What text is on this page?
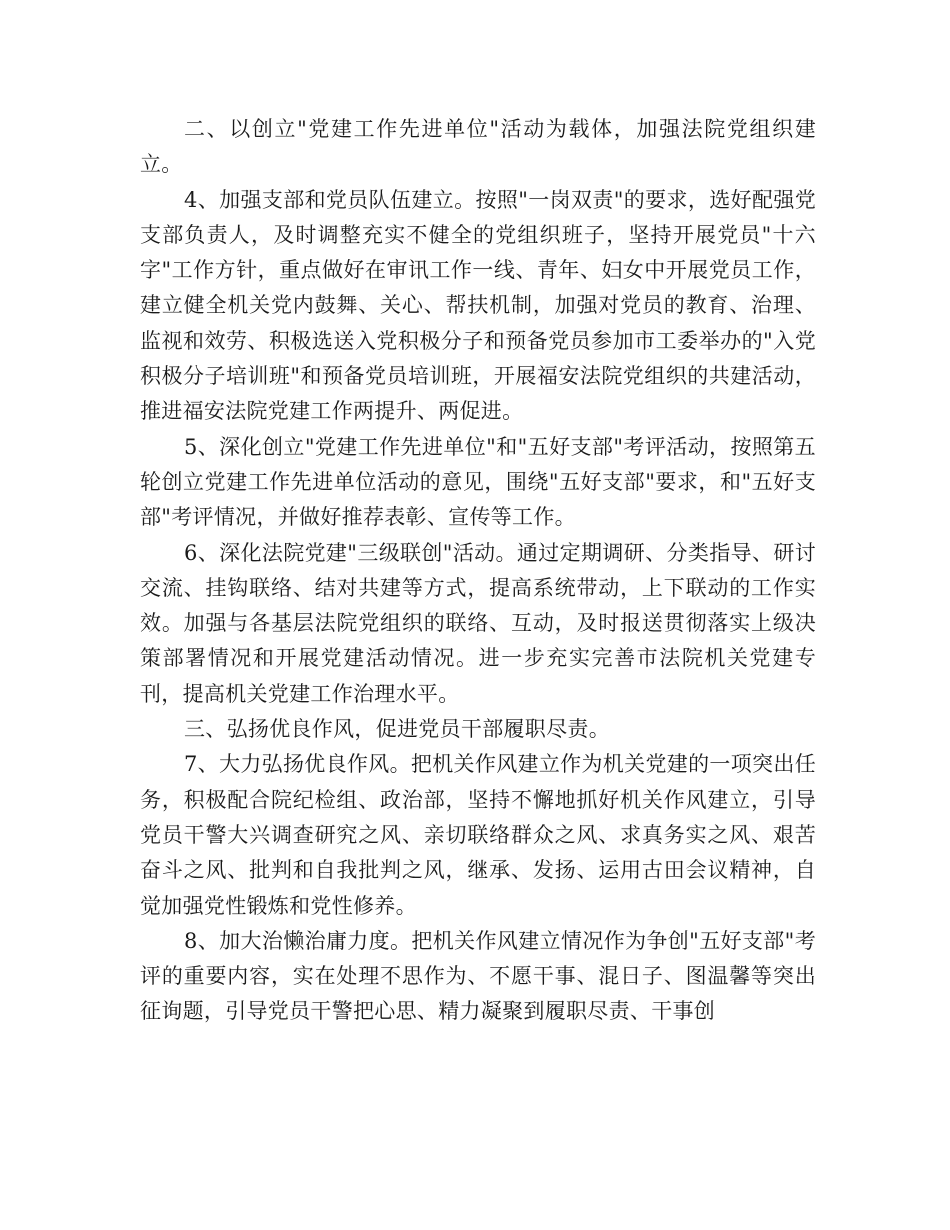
二、以创立"党建工作先进单位"活动为载体，加强法院党组织建立。

4、加强支部和党员队伍建立。按照"一岗双责"的要求，选好配强党支部负责人，及时调整充实不健全的党组织班子，坚持开展党员"十六字"工作方针，重点做好在审讯工作一线、青年、妇女中开展党员工作，建立健全机关党内鼓舞、关心、帮扶机制，加强对党员的教育、治理、监视和效劳、积极选送入党积极分子和预备党员参加市工委举办的"入党积极分子培训班"和预备党员培训班，开展福安法院党组织的共建活动，推进福安法院党建工作两提升、两促进。

5、深化创立"党建工作先进单位"和"五好支部"考评活动，按照第五轮创立党建工作先进单位活动的意见，围绕"五好支部"要求，和"五好支部"考评情况，并做好推荐表彰、宣传等工作。

6、深化法院党建"三级联创"活动。通过定期调研、分类指导、研讨交流、挂钩联络、结对共建等方式，提高系统带动，上下联动的工作实效。加强与各基层法院党组织的联络、互动，及时报送贯彻落实上级决策部署情况和开展党建活动情况。进一步充实完善市法院机关党建专刊，提高机关党建工作治理水平。

三、弘扬优良作风，促进党员干部履职尽责。

7、大力弘扬优良作风。把机关作风建立作为机关党建的一项突出任务，积极配合院纪检组、政治部，坚持不懈地抓好机关作风建立，引导党员干警大兴调查研究之风、亲切联络群众之风、求真务实之风、艰苦奋斗之风、批判和自我批判之风，继承、发扬、运用古田会议精神，自觉加强党性锻炼和党性修养。

8、加大治懒治庸力度。把机关作风建立情况作为争创"五好支部"考评的重要内容，实在处理不思作为、不愿干事、混日子、图温馨等突出征询题，引导党员干警把心思、精力凝聚到履职尽责、干事创
